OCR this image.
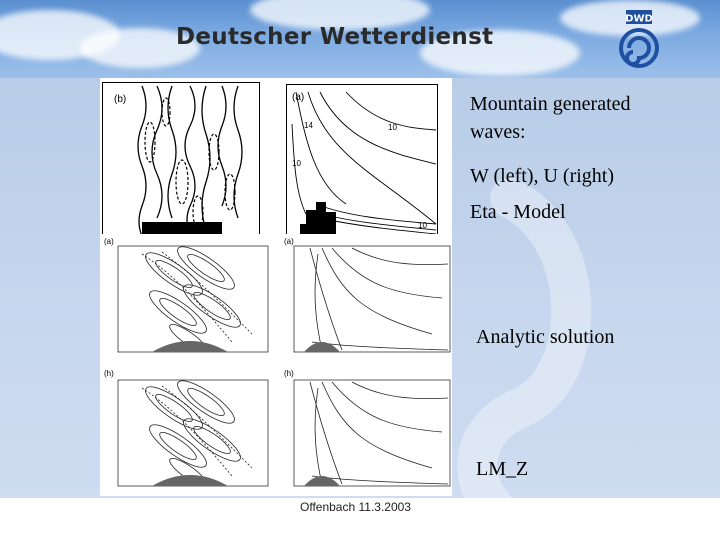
Deutscher Wetterdienst
DWD
(b)	(a)
14	10
10
10
(a)	(a)
(h)	(h)
Mountain generated
waves:
W (left), U (right)
Eta - Model
Analytic solution
LM_Z
Offenbach 11.3.2003
